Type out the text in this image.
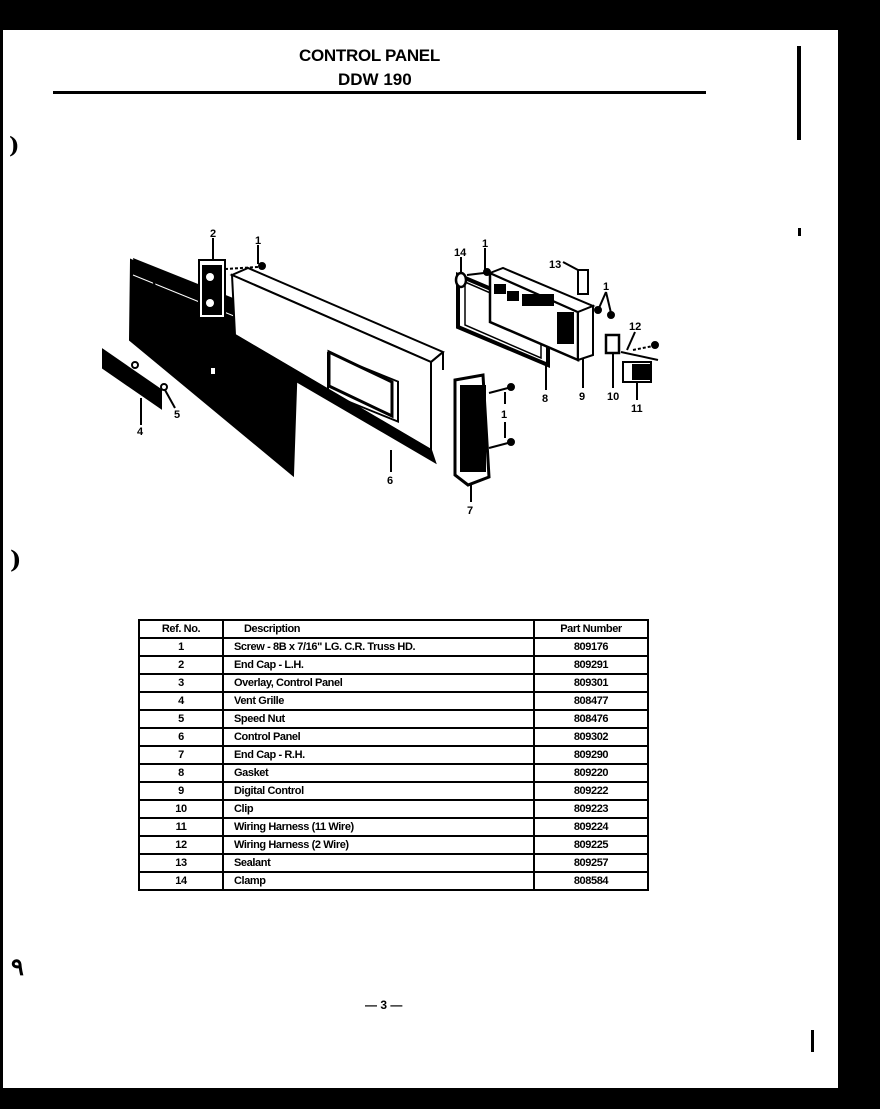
CONTROL PANEL
DDW 190
)
)
٩
2
1
3
4
5
6
7
8	9 10
11
12
13
14
1
1
1
Ref. No.	Description	Part Number
1	Screw - 8B x 7/16" LG. C.R. Truss HD.	809176
2	End Cap - L.H.	809291
3	Overlay, Control Panel	809301
4	Vent Grille	808477
5	Speed Nut	808476
6	Control Panel	809302
7	End Cap - R.H.	809290
8	Gasket	809220
9	Digital Control	809222
10	Clip	809223
11	Wiring Harness (11 Wire)	809224
12	Wiring Harness (2 Wire)	809225
13	Sealant	809257
14	Clamp	808584
— 3 —
